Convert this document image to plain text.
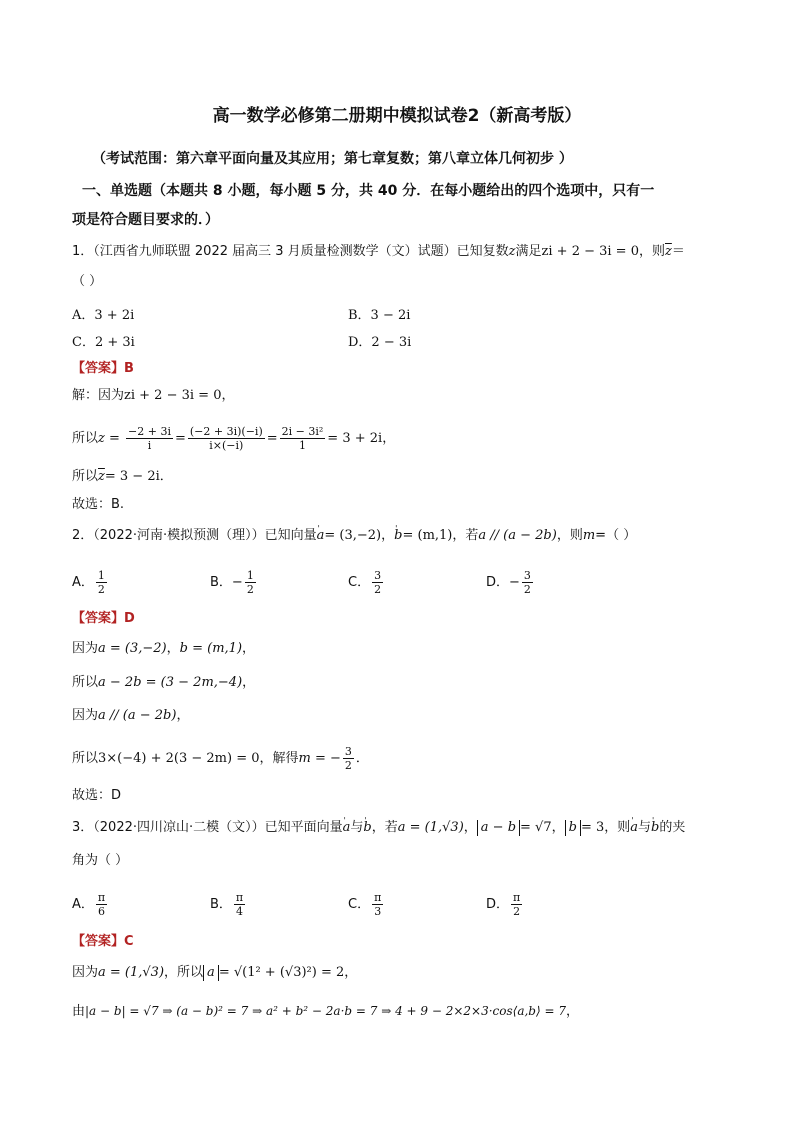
高一数学必修第二册期中模拟试卷2（新高考版）
（考试范围：第六章平面向量及其应用；第七章复数；第八章立体几何初步 ）
一、单选题（本题共 8 小题，每小题 5 分，共 40 分．在每小题给出的四个选项中，只有一
项是符合题目要求的．）
1．（江西省九师联盟 2022 届高三 3 月质量检测数学（文）试题）已知复数z满足zi + 2 − 3i = 0，则$\overline{z}=$
（ ）
A．3 + 2i	B．3 − 2i
C．2 + 3i	D．2 − 3i
【答案】B
解：因为zi + 2 − 3i = 0，
所以$z = \frac{-2 + 3i}{i} = \frac{(-2 + 3i)(-i)}{i\times(-i)} = \frac{\text{2i − 3i²}}{1} = 3 + 2i$，
所以$\overline{z}= 3 - 2i$．
故选：B.
2．（2022·河南·模拟预测（理））已知向量' a= (3,−2)，' b= (m,1)，若a // (a − 2b)，则m=（ ）
A． $\frac{1}{2}$	B．− $\frac{1}{2}$	C． $\frac{3}{2}$	D．− $\frac{3}{2}$
【答案】D
因为a = (3,−2)，b = (m,1)，
所以a − 2b = (3 − 2m,−4)，
因为a // (a − 2b)，
所以3×(−4) + 2(3 − 2m) = 0，解得m = − $\frac{3}{2}$ ．
故选：D
3．（2022·四川凉山·二模（文））已知平面向量' a与' b，若a = (1,√3)， a − b = √7， b = 3，则' a与' b的夹
角为（ ）
A． $\frac{\pi}{6}$	B． $\frac{\pi}{4}$	C． $\frac{\pi}{3}$	D． $\frac{\pi}{2}$
【答案】C
因为a = (1,√3)，所以 a = √(1² + (√3)²) = 2，
由|a − b| = √7 ⇒ (a − b)² = 7 ⇒ a² + b² − 2a·b = 7 ⇒ 4 + 9 − 2×2×3·cos⟨a,b⟩ = 7，
